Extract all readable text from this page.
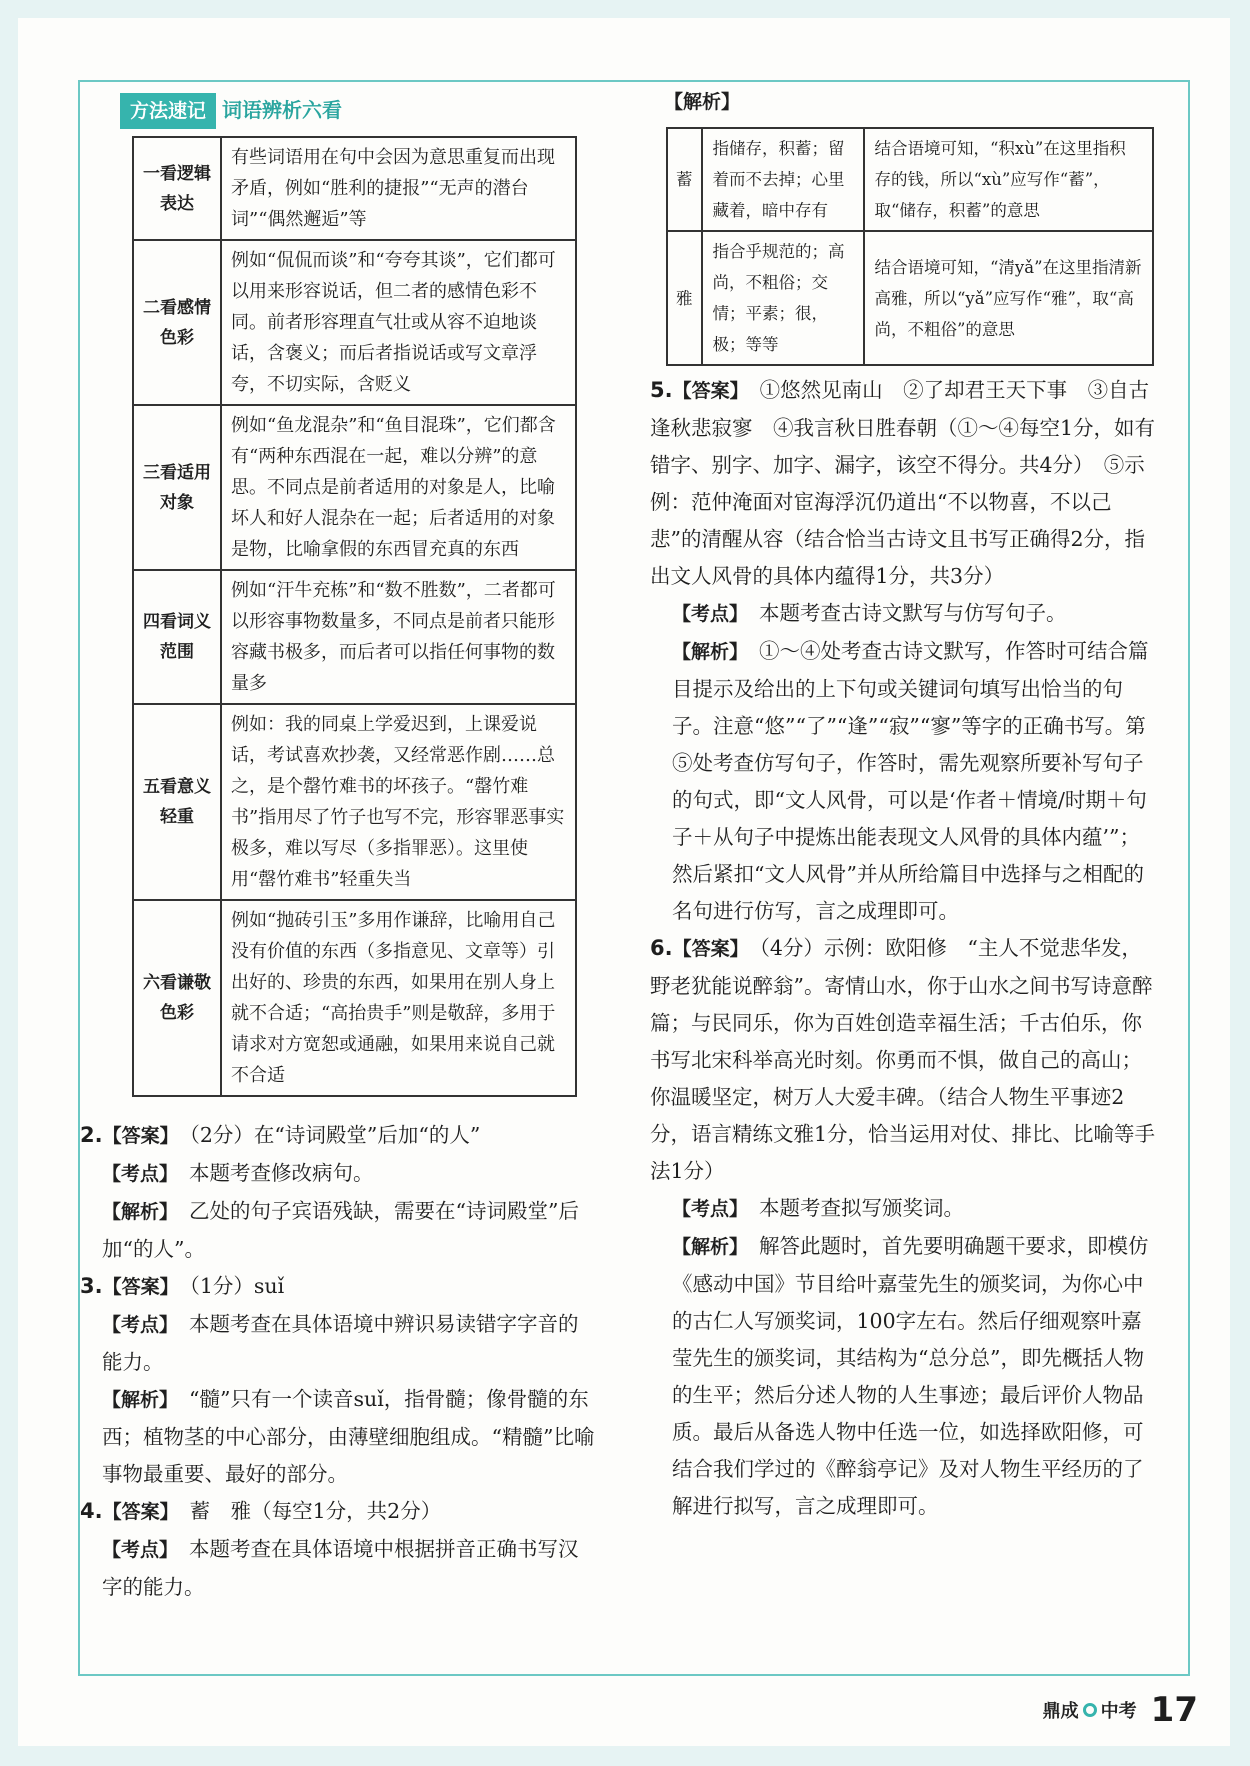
方法速记 词语辨析六看
一看逻辑表达	有些词语用在句中会因为意思重复而出现矛盾，例如“胜利的捷报”“无声的潜台词”“偶然邂逅”等
二看感情色彩	例如“侃侃而谈”和“夸夸其谈”，它们都可以用来形容说话，但二者的感情色彩不同。前者形容理直气壮或从容不迫地谈话，含褒义；而后者指说话或写文章浮夸，不切实际，含贬义
三看适用对象	例如“鱼龙混杂”和“鱼目混珠”，它们都含有“两种东西混在一起，难以分辨”的意思。不同点是前者适用的对象是人，比喻坏人和好人混杂在一起；后者适用的对象是物，比喻拿假的东西冒充真的东西
四看词义范围	例如“汗牛充栋”和“数不胜数”，二者都可以形容事物数量多，不同点是前者只能形容藏书极多，而后者可以指任何事物的数量多
五看意义轻重	例如：我的同桌上学爱迟到，上课爱说话，考试喜欢抄袭，又经常恶作剧……总之，是个罄竹难书的坏孩子。“罄竹难书”指用尽了竹子也写不完，形容罪恶事实极多，难以写尽（多指罪恶）。这里使用“罄竹难书”轻重失当
六看谦敬色彩	例如“抛砖引玉”多用作谦辞，比喻用自己没有价值的东西（多指意见、文章等）引出好的、珍贵的东西，如果用在别人身上就不合适；“高抬贵手”则是敬辞，多用于请求对方宽恕或通融，如果用来说自己就不合适
2.【答案】　 （2分）在“诗词殿堂”后加“的人”
【考点】　 本题考查修改病句。
【解析】　 乙处的句子宾语残缺，需要在“诗词殿堂”后加“的人”。
3.【答案】　 （1分）suǐ
【考点】　 本题考查在具体语境中辨识易读错字字音的能力。
【解析】　 “髓”只有一个读音suǐ，指骨髓；像骨髓的东西；植物茎的中心部分，由薄壁细胞组成。“精髓”比喻事物最重要、最好的部分。
4.【答案】　 蓄　雅（每空1分，共2分）
【考点】　 本题考查在具体语境中根据拼音正确书写汉字的能力。
【解析】
蓄	指储存，积蓄；留着而不去掉；心里藏着，暗中存有	结合语境可知，“积xù”在这里指积存的钱，所以“xù”应写作“蓄”，取“储存，积蓄”的意思
雅	指合乎规范的；高尚，不粗俗；交情；平素；很，极；等等	结合语境可知，“清yǎ”在这里指清新高雅，所以“yǎ”应写作“雅”，取“高尚，不粗俗”的意思
5.【答案】　 ①悠然见南山　②了却君王天下事　③自古逢秋悲寂寥　④我言秋日胜春朝（①～④每空1分，如有错字、别字、加字、漏字，该空不得分。共4分）　⑤示例：范仲淹面对宦海浮沉仍道出“不以物喜，不以己悲”的清醒从容（结合恰当古诗文且书写正确得2分，指出文人风骨的具体内蕴得1分，共3分）
【考点】　 本题考查古诗文默写与仿写句子。
【解析】　 ①～④处考查古诗文默写，作答时可结合篇目提示及给出的上下句或关键词句填写出恰当的句子。注意“悠”“了”“逢”“寂”“寥”等字的正确书写。第⑤处考查仿写句子，作答时，需先观察所要补写句子的句式，即“文人风骨，可以是‘作者＋情境/时期＋句子＋从句子中提炼出能表现文人风骨的具体内蕴’”；然后紧扣“文人风骨”并从所给篇目中选择与之相配的名句进行仿写，言之成理即可。
6.【答案】　 （4分）示例：欧阳修　“主人不觉悲华发，野老犹能说醉翁”。寄情山水，你于山水之间书写诗意醉篇；与民同乐，你为百姓创造幸福生活；千古伯乐，你书写北宋科举高光时刻。你勇而不惧，做自己的高山；你温暖坚定，树万人大爱丰碑。（结合人物生平事迹2分，语言精练文雅1分，恰当运用对仗、排比、比喻等手法1分）
【考点】　 本题考查拟写颁奖词。
【解析】　 解答此题时，首先要明确题干要求，即模仿《感动中国》节目给叶嘉莹先生的颁奖词，为你心中的古仁人写颁奖词，100字左右。然后仔细观察叶嘉莹先生的颁奖词，其结构为“总分总”，即先概括人物的生平；然后分述人物的人生事迹；最后评价人物品质。最后从备选人物中任选一位，如选择欧阳修，可结合我们学过的《醉翁亭记》及对人物生平经历的了解进行拟写，言之成理即可。
鼎成 中考 17
